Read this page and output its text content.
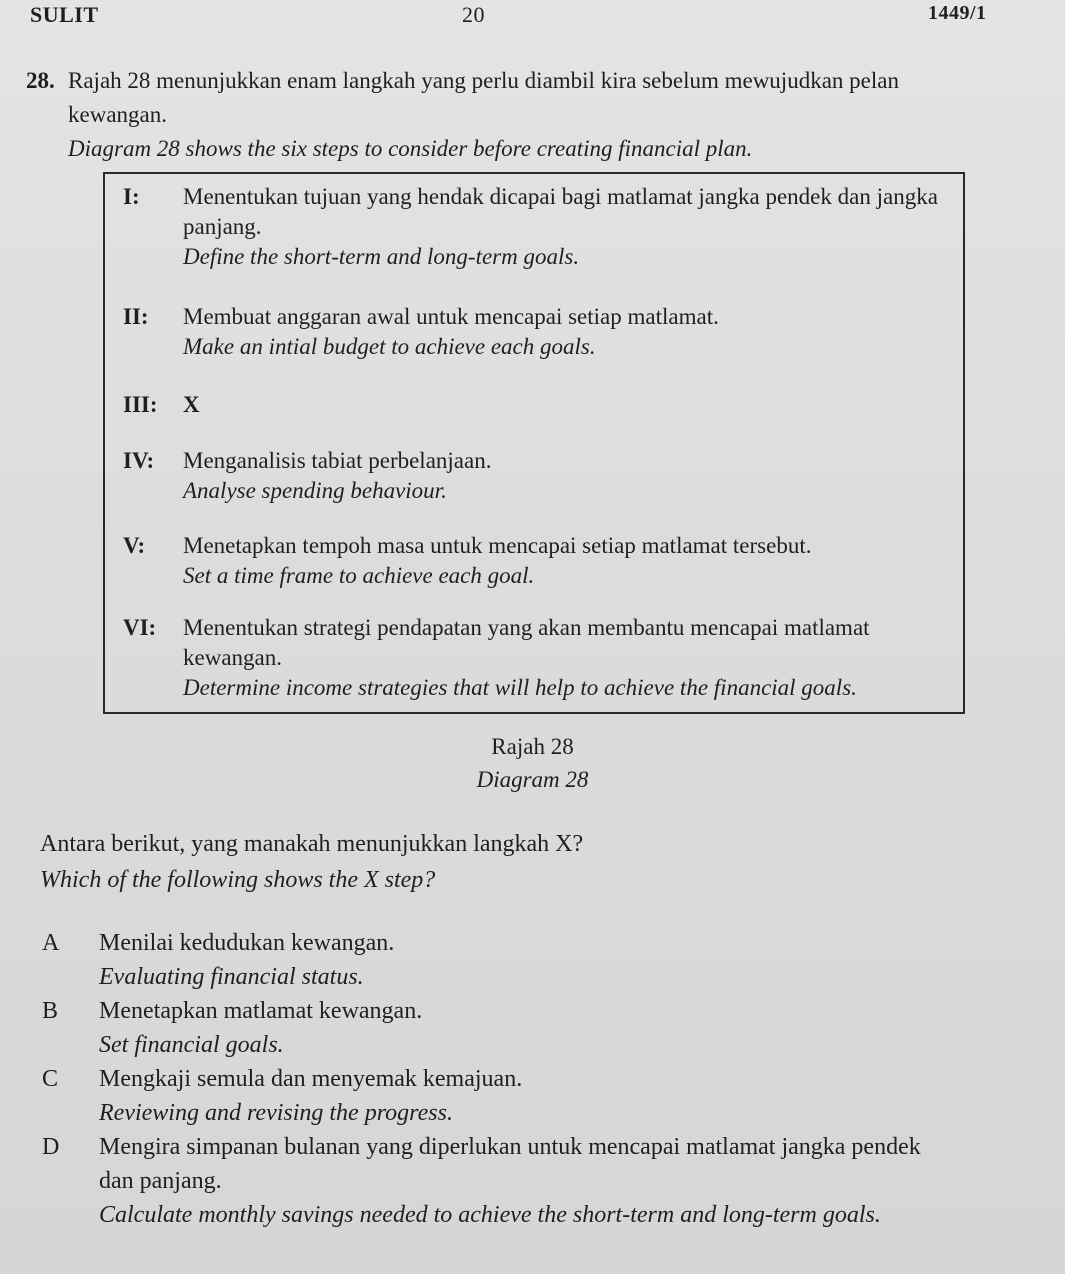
SULIT	20	1449/1
28. Rajah 28 menunjukkan enam langkah yang perlu diambil kira sebelum mewujudkan pelan kewangan.
Diagram 28 shows the six steps to consider before creating financial plan.
I: Menentukan tujuan yang hendak dicapai bagi matlamat jangka pendek dan jangka panjang.
Define the short-term and long-term goals.
II: Membuat anggaran awal untuk mencapai setiap matlamat.
Make an intial budget to achieve each goals.
III: X
IV: Menganalisis tabiat perbelanjaan.
Analyse spending behaviour.
V: Menetapkan tempoh masa untuk mencapai setiap matlamat tersebut.
Set a time frame to achieve each goal.
VI: Menentukan strategi pendapatan yang akan membantu mencapai matlamat kewangan.
Determine income strategies that will help to achieve the financial goals.
Rajah 28
Diagram 28
Antara berikut, yang manakah menunjukkan langkah X?
Which of the following shows the X step?
A Menilai kedudukan kewangan.
Evaluating financial status.
B Menetapkan matlamat kewangan.
Set financial goals.
C Mengkaji semula dan menyemak kemajuan.
Reviewing and revising the progress.
D Mengira simpanan bulanan yang diperlukan untuk mencapai matlamat jangka pendek
dan panjang.
Calculate monthly savings needed to achieve the short-term and long-term goals.
